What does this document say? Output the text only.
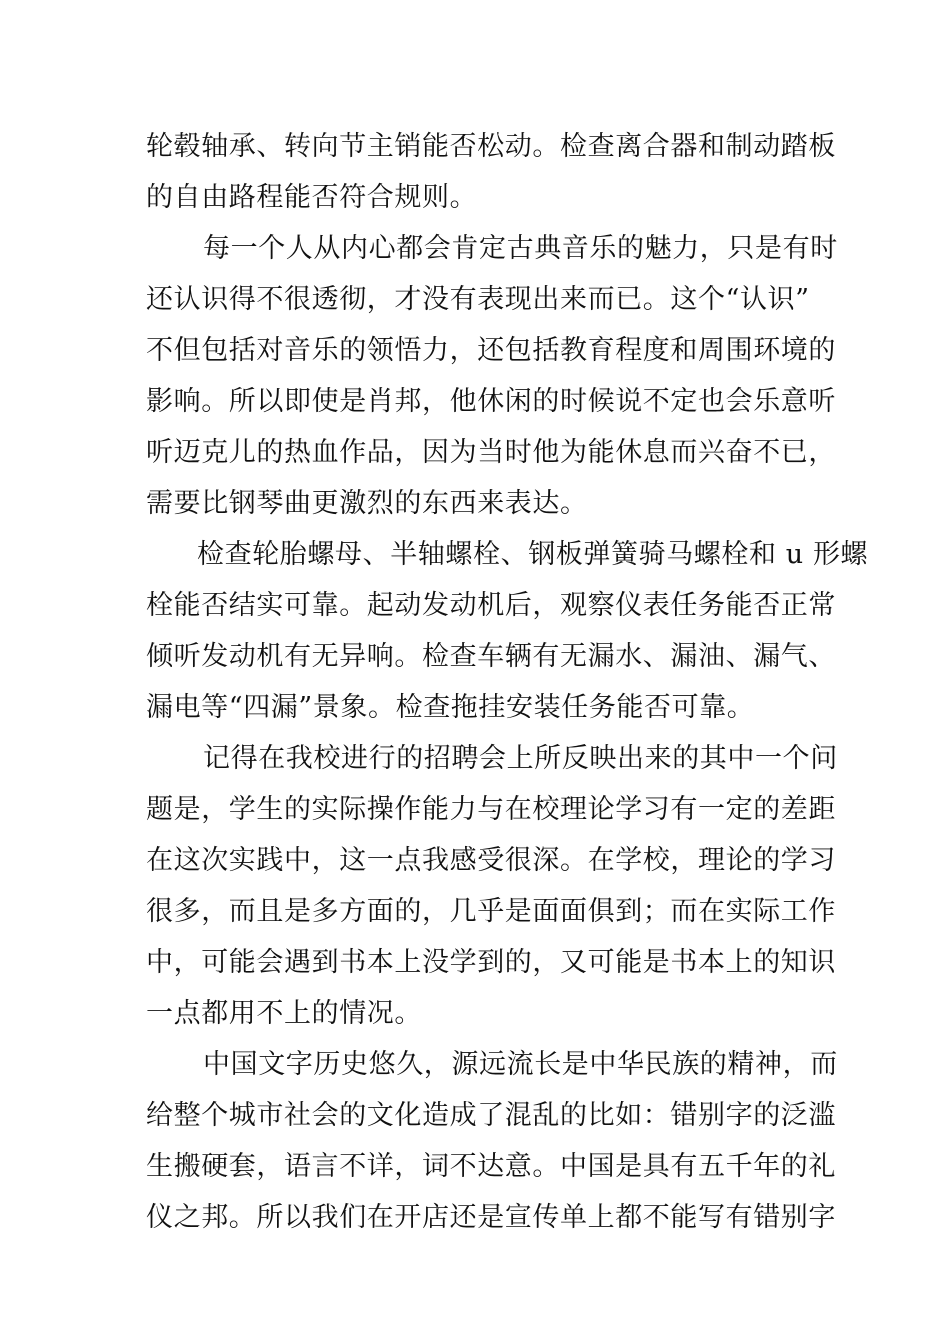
轮毂轴承、转向节主销能否松动。检查离合器和制动踏板

的自由路程能否符合规则。

每一个人从内心都会肯定古典音乐的魅力，只是有时

还认识得不很透彻，才没有表现出来而已。这个“认识”

不但包括对音乐的领悟力，还包括教育程度和周围环境的

影响。所以即使是肖邦，他休闲的时候说不定也会乐意听

听迈克儿的热血作品，因为当时他为能休息而兴奋不已，

需要比钢琴曲更激烈的东西来表达。

检查轮胎螺母、半轴螺栓、钢板弹簧骑马螺栓和 u 形螺

栓能否结实可靠。起动发动机后，观察仪表任务能否正常

倾听发动机有无异响。检查车辆有无漏水、漏油、漏气、

漏电等“四漏”景象。检查拖挂安装任务能否可靠。

记得在我校进行的招聘会上所反映出来的其中一个问

题是，学生的实际操作能力与在校理论学习有一定的差距

在这次实践中，这一点我感受很深。在学校，理论的学习

很多，而且是多方面的，几乎是面面俱到；而在实际工作

中，可能会遇到书本上没学到的，又可能是书本上的知识

一点都用不上的情况。

中国文字历史悠久，源远流长是中华民族的精神，而

给整个城市社会的文化造成了混乱的比如：错别字的泛滥

生搬硬套，语言不详，词不达意。中国是具有五千年的礼

仪之邦。所以我们在开店还是宣传单上都不能写有错别字
